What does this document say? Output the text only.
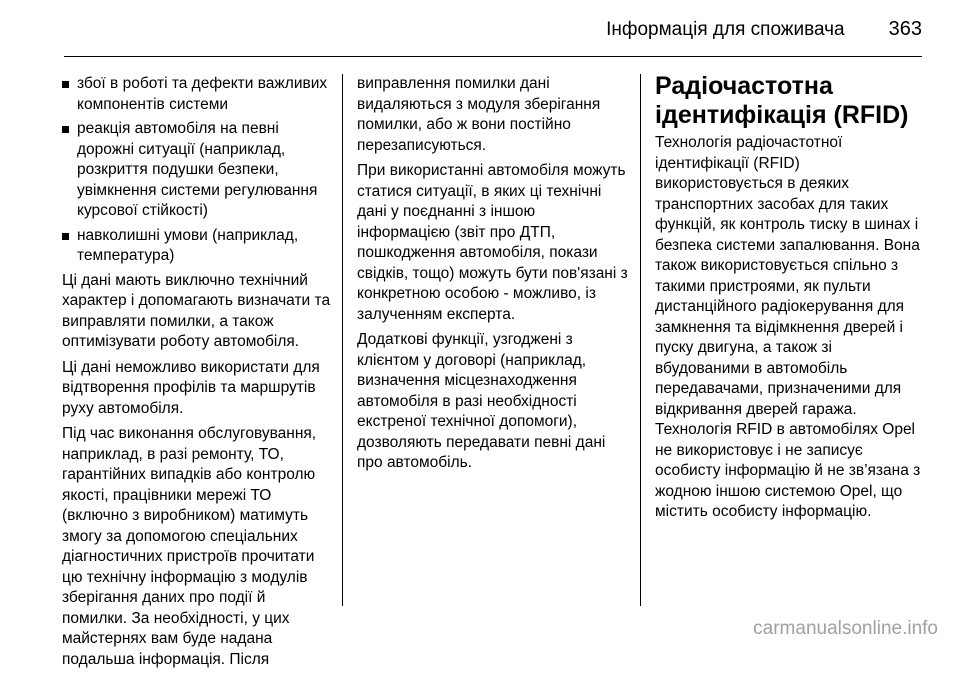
Інформація для споживача 363
збої в роботі та дефекти важливих компонентів системи
реакція автомобіля на певні дорожні ситуації (наприклад, розкриття подушки безпеки, увімкнення системи регулювання курсової стійкості)
навколишні умови (наприклад, температура)

Ці дані мають виключно технічний характер і допомагають визначати та виправляти помилки, а також оптимізувати роботу автомобіля.

Ці дані неможливо використати для відтворення профілів та маршрутів руху автомобіля.

Під час виконання обслуговування, наприклад, в разі ремонту, ТО, гарантійних випадків або контролю якості, працівники мережі ТО (включно з виробником) матимуть змогу за допомогою спеціальних діагностичних пристроїв прочитати цю технічну інформацію з модулів зберігання даних про події й помилки. За необхідності, у цих майстернях вам буде надана подальша інформація. Після

виправлення помилки дані видаляються з модуля зберігання помилки, або ж вони постійно перезаписуються.

При використанні автомобіля можуть статися ситуації, в яких ці технічні дані у поєднанні з іншою інформацією (звіт про ДТП, пошкодження автомобіля, покази свідків, тощо) можуть бути пов'язані з конкретною особою - можливо, із залученням експерта.

Додаткові функції, узгоджені з клієнтом у договорі (наприклад, визначення місцезнаходження автомобіля в разі необхідності екстреної технічної допомоги), дозволяють передавати певні дані про автомобіль.

Радіочастотна ідентифікація (RFID)

Технологія радіочастотної ідентифікації (RFID) використовується в деяких транспортних засобах для таких функцій, як контроль тиску в шинах і безпека системи запалювання. Вона також використовується спільно з такими пристроями, як пульти дистанційного радіокерування для замкнення та відімкнення дверей і пуску двигуна, а також зі вбудованими в автомобіль передавачами, призначеними для відкривання дверей гаража. Технологія RFID в автомобілях Opel не використовує і не записує особисту інформацію й не зв’язана з жодною іншою системою Opel, що містить особисту інформацію.

carmanualsonline.info
